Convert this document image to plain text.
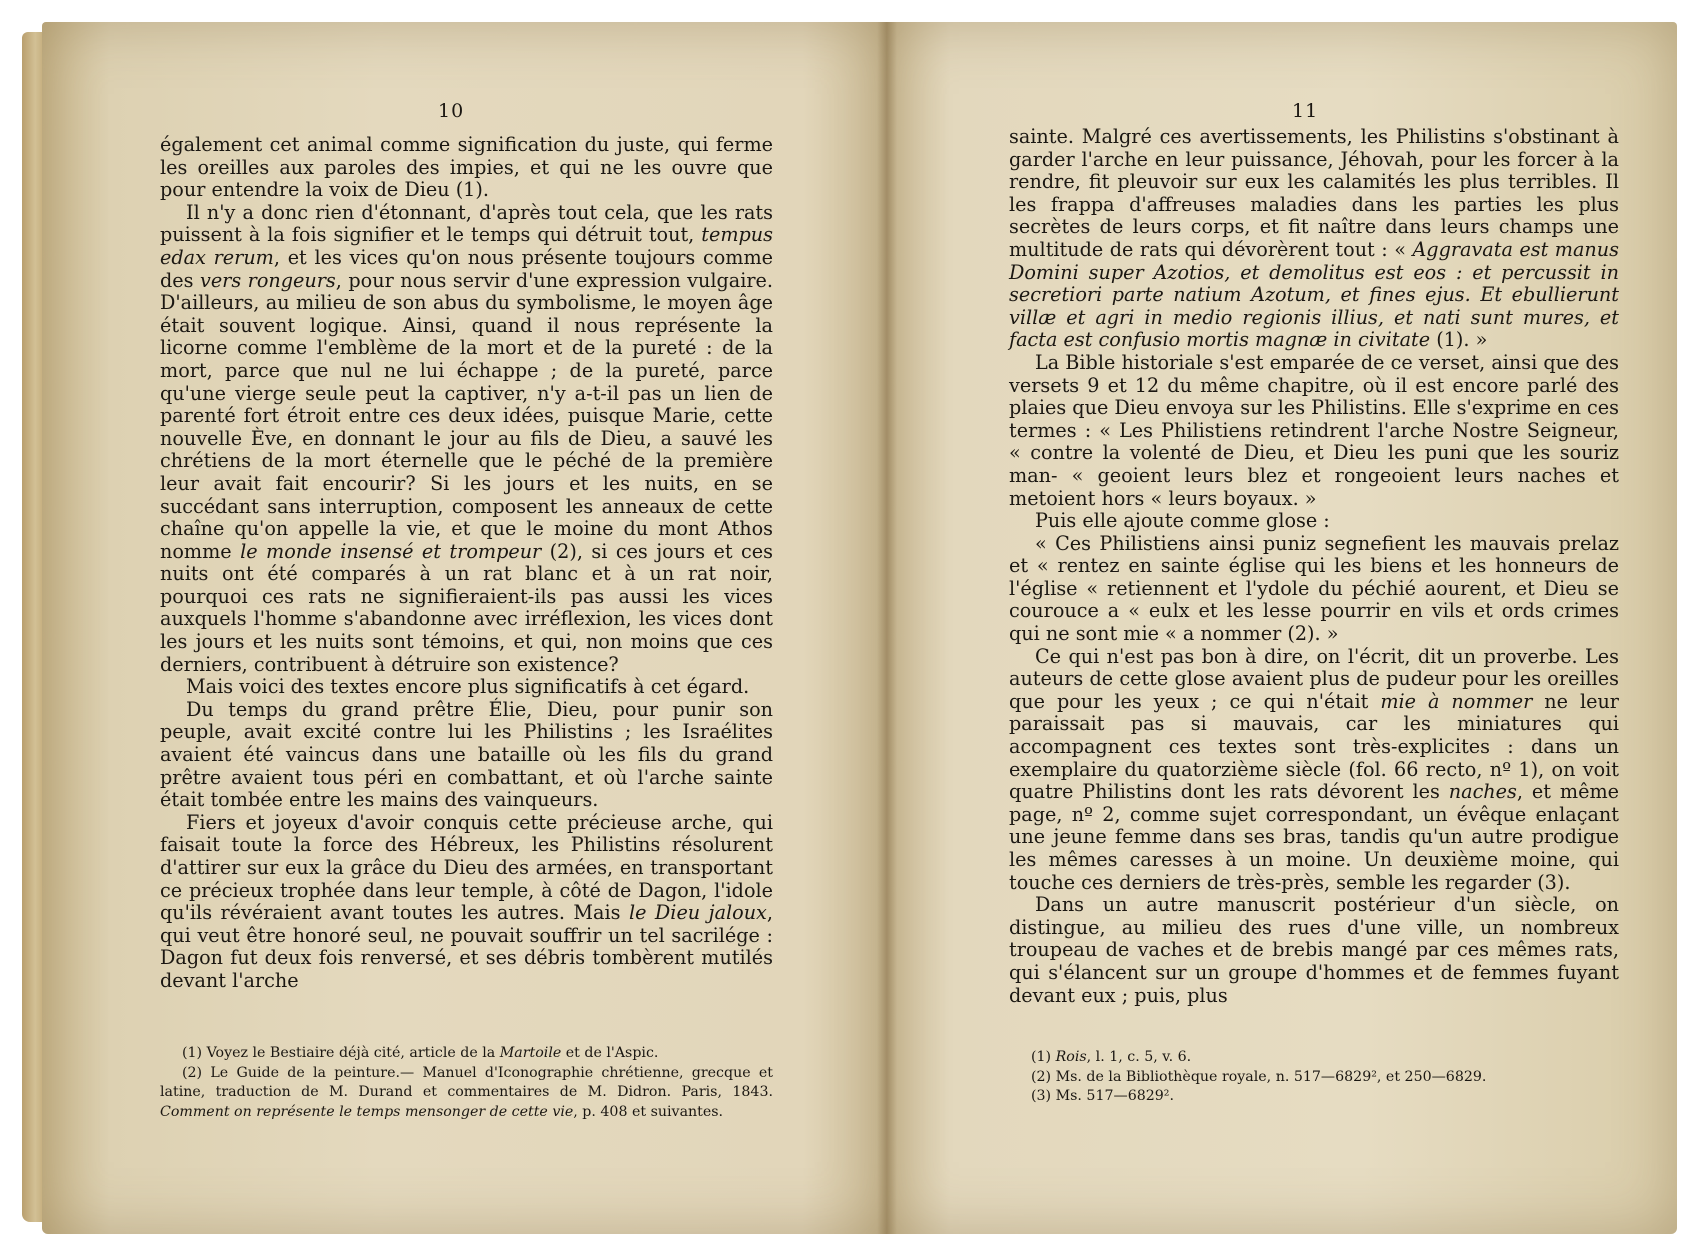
10

également cet animal comme signification du juste, qui ferme les oreilles aux paroles des impies, et qui ne les ouvre que pour entendre la voix de Dieu (1).

Il n'y a donc rien d'étonnant, d'après tout cela, que les rats puissent à la fois signifier et le temps qui détruit tout, tempus edax rerum, et les vices qu'on nous présente toujours comme des vers rongeurs, pour nous servir d'une expression vulgaire. D'ailleurs, au milieu de son abus du symbolisme, le moyen âge était souvent logique. Ainsi, quand il nous représente la licorne comme l'emblème de la mort et de la pureté : de la mort, parce que nul ne lui échappe ; de la pureté, parce qu'une vierge seule peut la captiver, n'y a-t-il pas un lien de parenté fort étroit entre ces deux idées, puisque Marie, cette nouvelle Ève, en donnant le jour au fils de Dieu, a sauvé les chrétiens de la mort éternelle que le péché de la première leur avait fait encourir? Si les jours et les nuits, en se succédant sans interruption, composent les anneaux de cette chaîne qu'on appelle la vie, et que le moine du mont Athos nomme le monde insensé et trompeur (2), si ces jours et ces nuits ont été comparés à un rat blanc et à un rat noir, pourquoi ces rats ne signifieraient-ils pas aussi les vices auxquels l'homme s'abandonne avec irréflexion, les vices dont les jours et les nuits sont témoins, et qui, non moins que ces derniers, contribuent à détruire son existence?

Mais voici des textes encore plus significatifs à cet égard.

Du temps du grand prêtre Élie, Dieu, pour punir son peuple, avait excité contre lui les Philistins ; les Israélites avaient été vaincus dans une bataille où les fils du grand prêtre avaient tous péri en combattant, et où l'arche sainte était tombée entre les mains des vainqueurs.

Fiers et joyeux d'avoir conquis cette précieuse arche, qui faisait toute la force des Hébreux, les Philistins résolurent d'attirer sur eux la grâce du Dieu des armées, en transportant ce précieux trophée dans leur temple, à côté de Dagon, l'idole qu'ils révéraient avant toutes les autres. Mais le Dieu jaloux, qui veut être honoré seul, ne pouvait souffrir un tel sacrilége : Dagon fut deux fois renversé, et ses débris tombèrent mutilés devant l'arche

(1) Voyez le Bestiaire déjà cité, article de la Martoile et de l'Aspic.

(2) Le Guide de la peinture.— Manuel d'Iconographie chrétienne, grecque et latine, traduction de M. Durand et commentaires de M. Didron. Paris, 1843. Comment on représente le temps mensonger de cette vie, p. 408 et suivantes.

11

sainte. Malgré ces avertissements, les Philistins s'obstinant à garder l'arche en leur puissance, Jéhovah, pour les forcer à la rendre, fit pleuvoir sur eux les calamités les plus terribles. Il les frappa d'affreuses maladies dans les parties les plus secrètes de leurs corps, et fit naître dans leurs champs une multitude de rats qui dévorèrent tout : « Aggravata est manus Domini super Azotios, et demolitus est eos : et percussit in secretiori parte natium Azotum, et fines ejus. Et ebullierunt villæ et agri in medio regionis illius, et nati sunt mures, et facta est confusio mortis magnæ in civitate (1). »

La Bible historiale s'est emparée de ce verset, ainsi que des versets 9 et 12 du même chapitre, où il est encore parlé des plaies que Dieu envoya sur les Philistins. Elle s'exprime en ces termes : « Les Philistiens retindrent l'arche Nostre Seigneur, « contre la volenté de Dieu, et Dieu les puni que les souriz man- « geoient leurs blez et rongeoient leurs naches et metoient hors « leurs boyaux. »

Puis elle ajoute comme glose :

« Ces Philistiens ainsi puniz segnefient les mauvais prelaz et « rentez en sainte église qui les biens et les honneurs de l'église « retiennent et l'ydole du péchié aourent, et Dieu se courouce a « eulx et les lesse pourrir en vils et ords crimes qui ne sont mie « a nommer (2). »

Ce qui n'est pas bon à dire, on l'écrit, dit un proverbe. Les auteurs de cette glose avaient plus de pudeur pour les oreilles que pour les yeux ; ce qui n'était mie à nommer ne leur paraissait pas si mauvais, car les miniatures qui accompagnent ces textes sont très-explicites : dans un exemplaire du quatorzième siècle (fol. 66 recto, nº 1), on voit quatre Philistins dont les rats dévorent les naches, et même page, nº 2, comme sujet correspondant, un évêque enlaçant une jeune femme dans ses bras, tandis qu'un autre prodigue les mêmes caresses à un moine. Un deuxième moine, qui touche ces derniers de très-près, semble les regarder (3).

Dans un autre manuscrit postérieur d'un siècle, on distingue, au milieu des rues d'une ville, un nombreux troupeau de vaches et de brebis mangé par ces mêmes rats, qui s'élancent sur un groupe d'hommes et de femmes fuyant devant eux ; puis, plus

(1) Rois, l. 1, c. 5, v. 6.

(2) Ms. de la Bibliothèque royale, n. 517—6829², et 250—6829.

(3) Ms. 517—6829².
